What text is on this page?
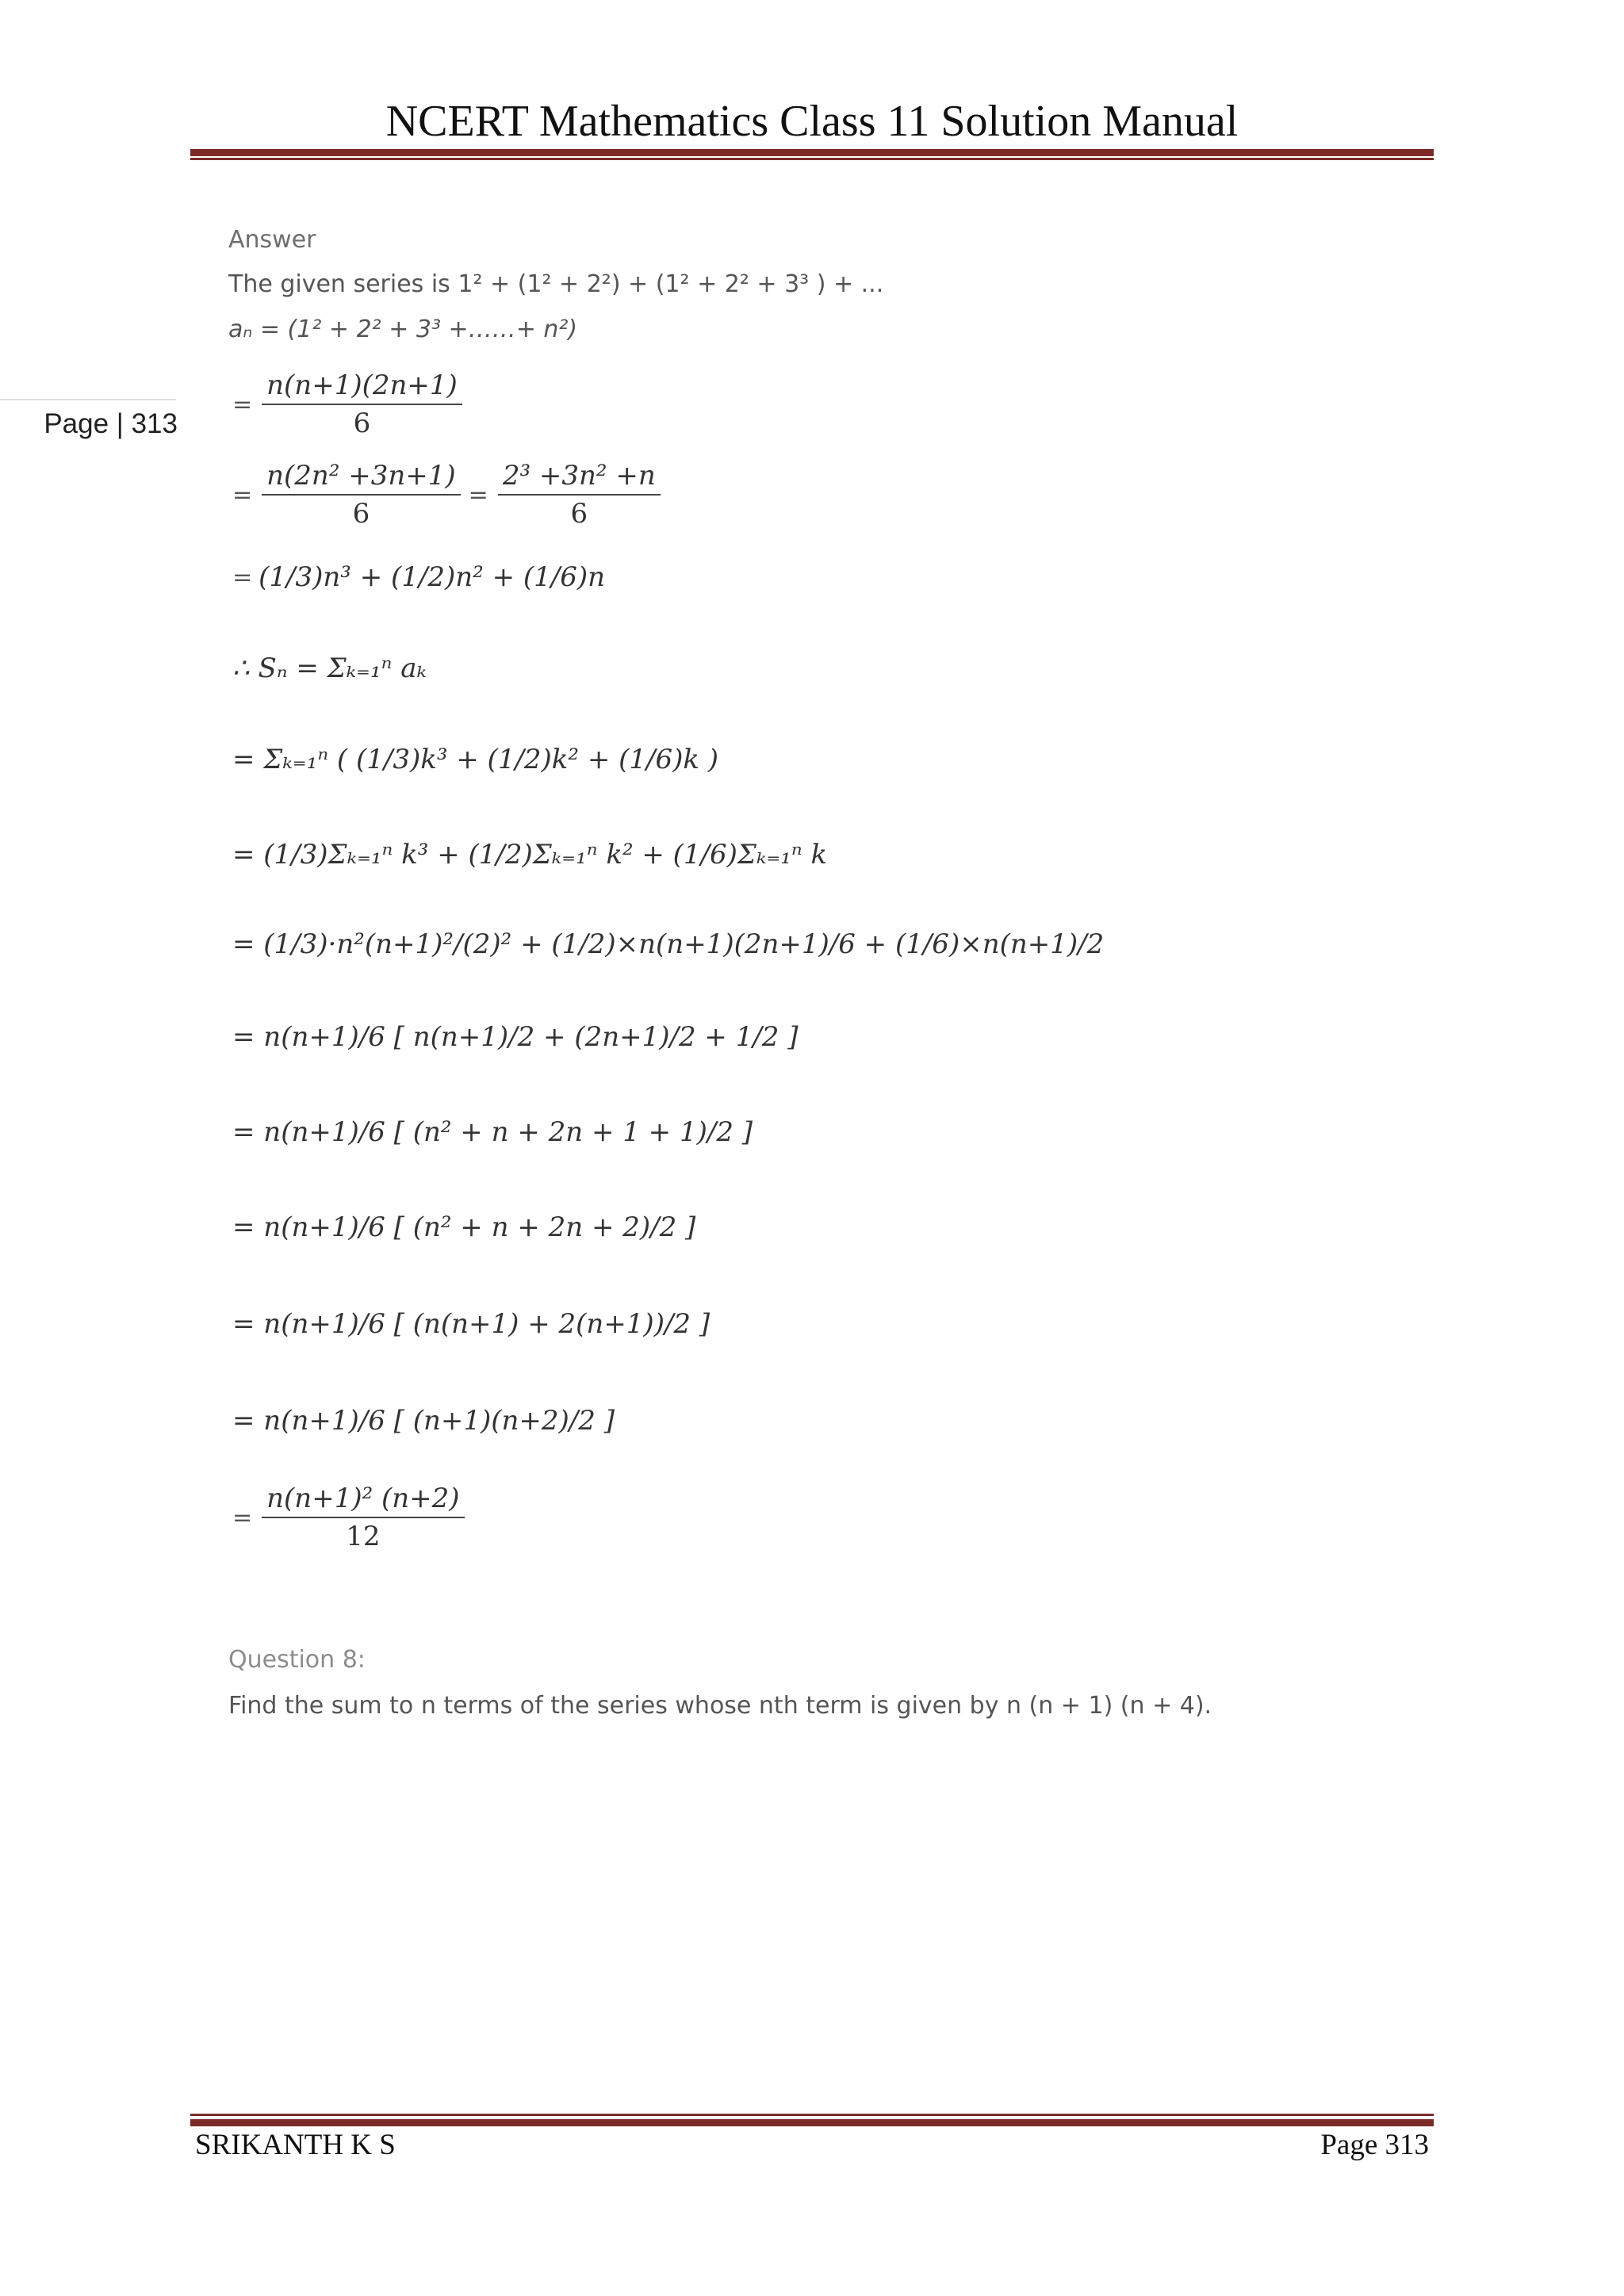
NCERT Mathematics Class 11 Solution Manual
Page | 313
Answer
The given series is 1² + (1² + 2²) + (1² + 2² + 3³ ) + ...
aₙ = (1² + 2² + 3³ +……+ n²)
= $\frac{n(n+1)(2n+1)}{6}$
= $\frac{\text{n(2n² +3n+1)}}{6} = \frac{\text{2³ +3n² +n}}{6}$
= (1/3)n³ + (1/2)n² + (1/6)n
∴ Sₙ = Σₖ₌₁ⁿ aₖ
= Σₖ₌₁ⁿ ( (1/3)k³ + (1/2)k² + (1/6)k )
= (1/3)Σₖ₌₁ⁿ k³ + (1/2)Σₖ₌₁ⁿ k² + (1/6)Σₖ₌₁ⁿ k
= (1/3)·n²(n+1)²/(2)² + (1/2)×n(n+1)(2n+1)/6 + (1/6)×n(n+1)/2
= n(n+1)/6 [ n(n+1)/2 + (2n+1)/2 + 1/2 ]
= n(n+1)/6 [ (n² + n + 2n + 1 + 1)/2 ]
= n(n+1)/6 [ (n² + n + 2n + 2)/2 ]
= n(n+1)/6 [ (n(n+1) + 2(n+1))/2 ]
= n(n+1)/6 [ (n+1)(n+2)/2 ]
= $\frac{\text{n(n+1)² (n+2)}}{12}$
Question 8:
Find the sum to n terms of the series whose nth term is given by n (n + 1) (n + 4).
SRIKANTH K S	Page 313
